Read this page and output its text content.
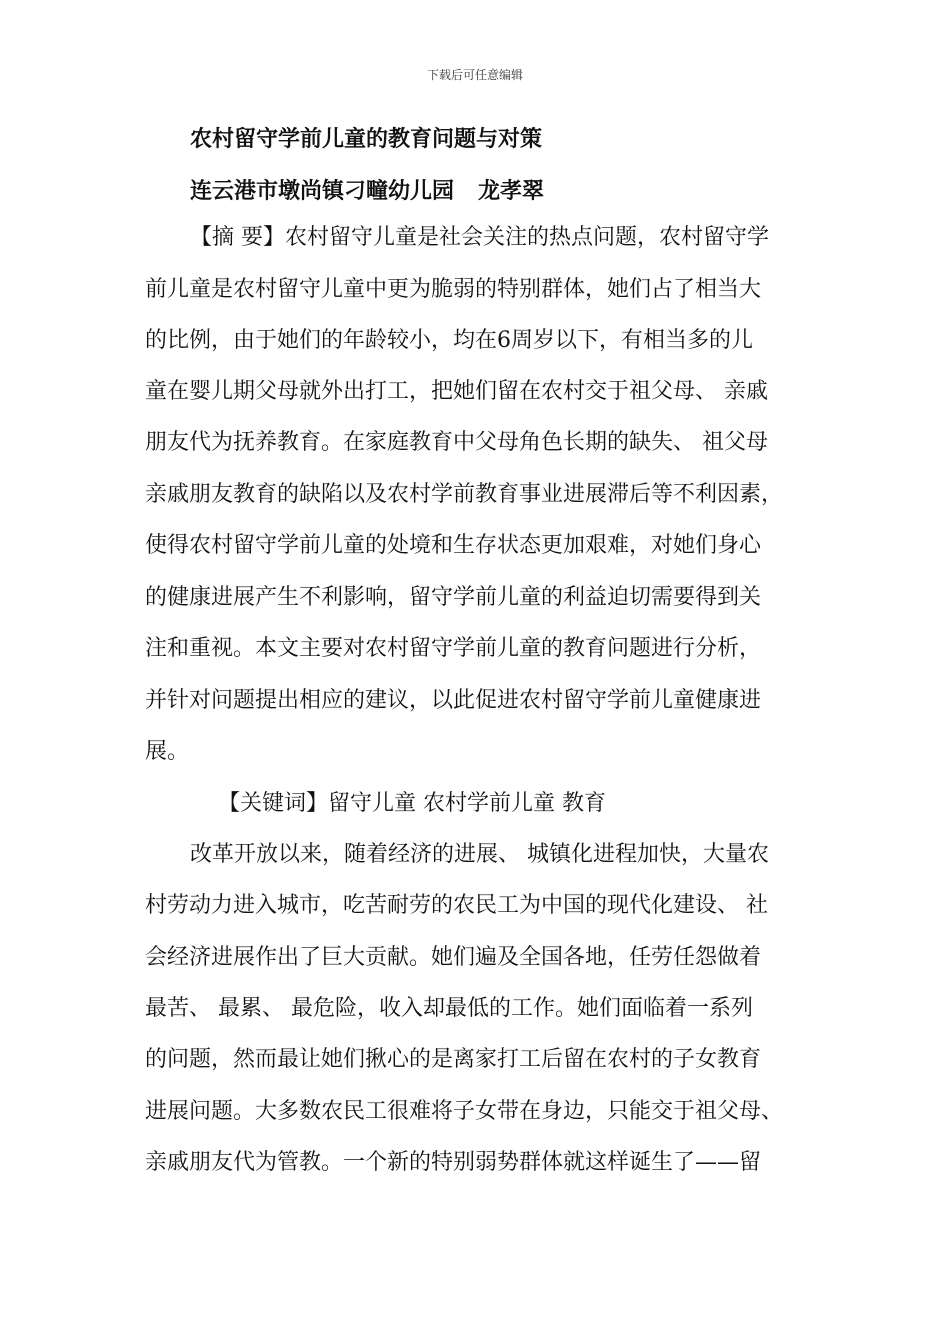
下载后可任意编辑
农村留守学前儿童的教育问题与对策
连云港市墩尚镇刁疃幼儿园 龙孝翠
【摘 要】农村留守儿童是社会关注的热点问题，农村留守学
前儿童是农村留守儿童中更为脆弱的特别群体，她们占了相当大
的比例，由于她们的年龄较小，均在6周岁以下，有相当多的儿
童在婴儿期父母就外出打工，把她们留在农村交于祖父母、 亲戚
朋友代为抚养教育。在家庭教育中父母角色长期的缺失、 祖父母
亲戚朋友教育的缺陷以及农村学前教育事业进展滞后等不利因素，
使得农村留守学前儿童的处境和生存状态更加艰难，对她们身心
的健康进展产生不利影响，留守学前儿童的利益迫切需要得到关
注和重视。本文主要对农村留守学前儿童的教育问题进行分析，
并针对问题提出相应的建议，以此促进农村留守学前儿童健康进
展。
【关键词】留守儿童 农村学前儿童 教育
改革开放以来，随着经济的进展、 城镇化进程加快，大量农
村劳动力进入城市，吃苦耐劳的农民工为中国的现代化建设、 社
会经济进展作出了巨大贡献。她们遍及全国各地，任劳任怨做着
最苦、 最累、 最危险，收入却最低的工作。她们面临着一系列
的问题，然而最让她们揪心的是离家打工后留在农村的子女教育
进展问题。大多数农民工很难将子女带在身边，只能交于祖父母、
亲戚朋友代为管教。一个新的特别弱势群体就这样诞生了——留
